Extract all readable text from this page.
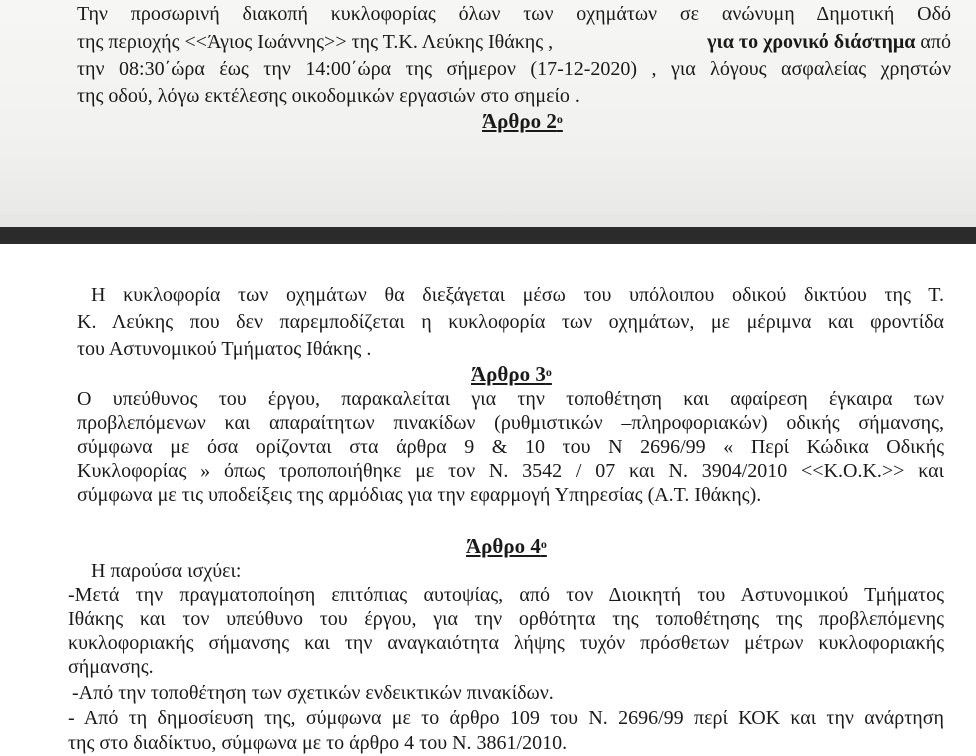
Την προσωρινή διακοπή κυκλοφορίας όλων των οχημάτων σε ανώνυμη Δημοτική Οδό

της περιοχής <<Άγιος Ιωάννης>> της Τ.Κ. Λεύκης Ιθάκης ,	για το χρονικό διάστημα από

την 08:30΄ώρα έως την 14:00΄ώρα της σήμερον (17-12-2020) , για λόγους ασφαλείας χρηστών

της οδού, λόγω εκτέλεσης οικοδομικών εργασιών στο σημείο .

Άρθρο $2^o$

Η κυκλοφορία των οχημάτων θα διεξάγεται μέσω του υπόλοιπου οδικού δικτύου της Τ.

Κ. Λεύκης που δεν παρεμποδίζεται η κυκλοφορία των οχημάτων, με μέριμνα και φροντίδα

του Αστυνομικού Τμήματος Ιθάκης .

Άρθρο $3^o$

Ο υπεύθυνος του έργου, παρακαλείται για την τοποθέτηση και αφαίρεση έγκαιρα των

προβλεπόμενων και απαραίτητων πινακίδων (ρυθμιστικών –πληροφοριακών) οδικής σήμανσης,

σύμφωνα με όσα ορίζονται στα άρθρα 9 & 10 του Ν 2696/99 « Περί Κώδικα Οδικής

Κυκλοφορίας » όπως τροποποιήθηκε με τον Ν. 3542 / 07 και Ν. 3904/2010 <<Κ.Ο.Κ.>> και

σύμφωνα με τις υποδείξεις της αρμόδιας για την εφαρμογή Υπηρεσίας (Α.Τ. Ιθάκης).

Άρθρο $4^o$

Η παρούσα ισχύει:

-Μετά την πραγματοποίηση επιτόπιας αυτοψίας, από τον Διοικητή του Αστυνομικού Τμήματος

Ιθάκης και τον υπεύθυνο του έργου, για την ορθότητα της τοποθέτησης της προβλεπόμενης

κυκλοφοριακής σήμανσης και την αναγκαιότητα λήψης τυχόν πρόσθετων μέτρων κυκλοφοριακής

σήμανσης.

-Από την τοποθέτηση των σχετικών ενδεικτικών πινακίδων.

- Από τη δημοσίευση της, σύμφωνα με το άρθρο 109 του Ν. 2696/99 περί ΚΟΚ και την ανάρτηση

της στο διαδίκτυο, σύμφωνα με το άρθρο 4 του Ν. 3861/2010.
